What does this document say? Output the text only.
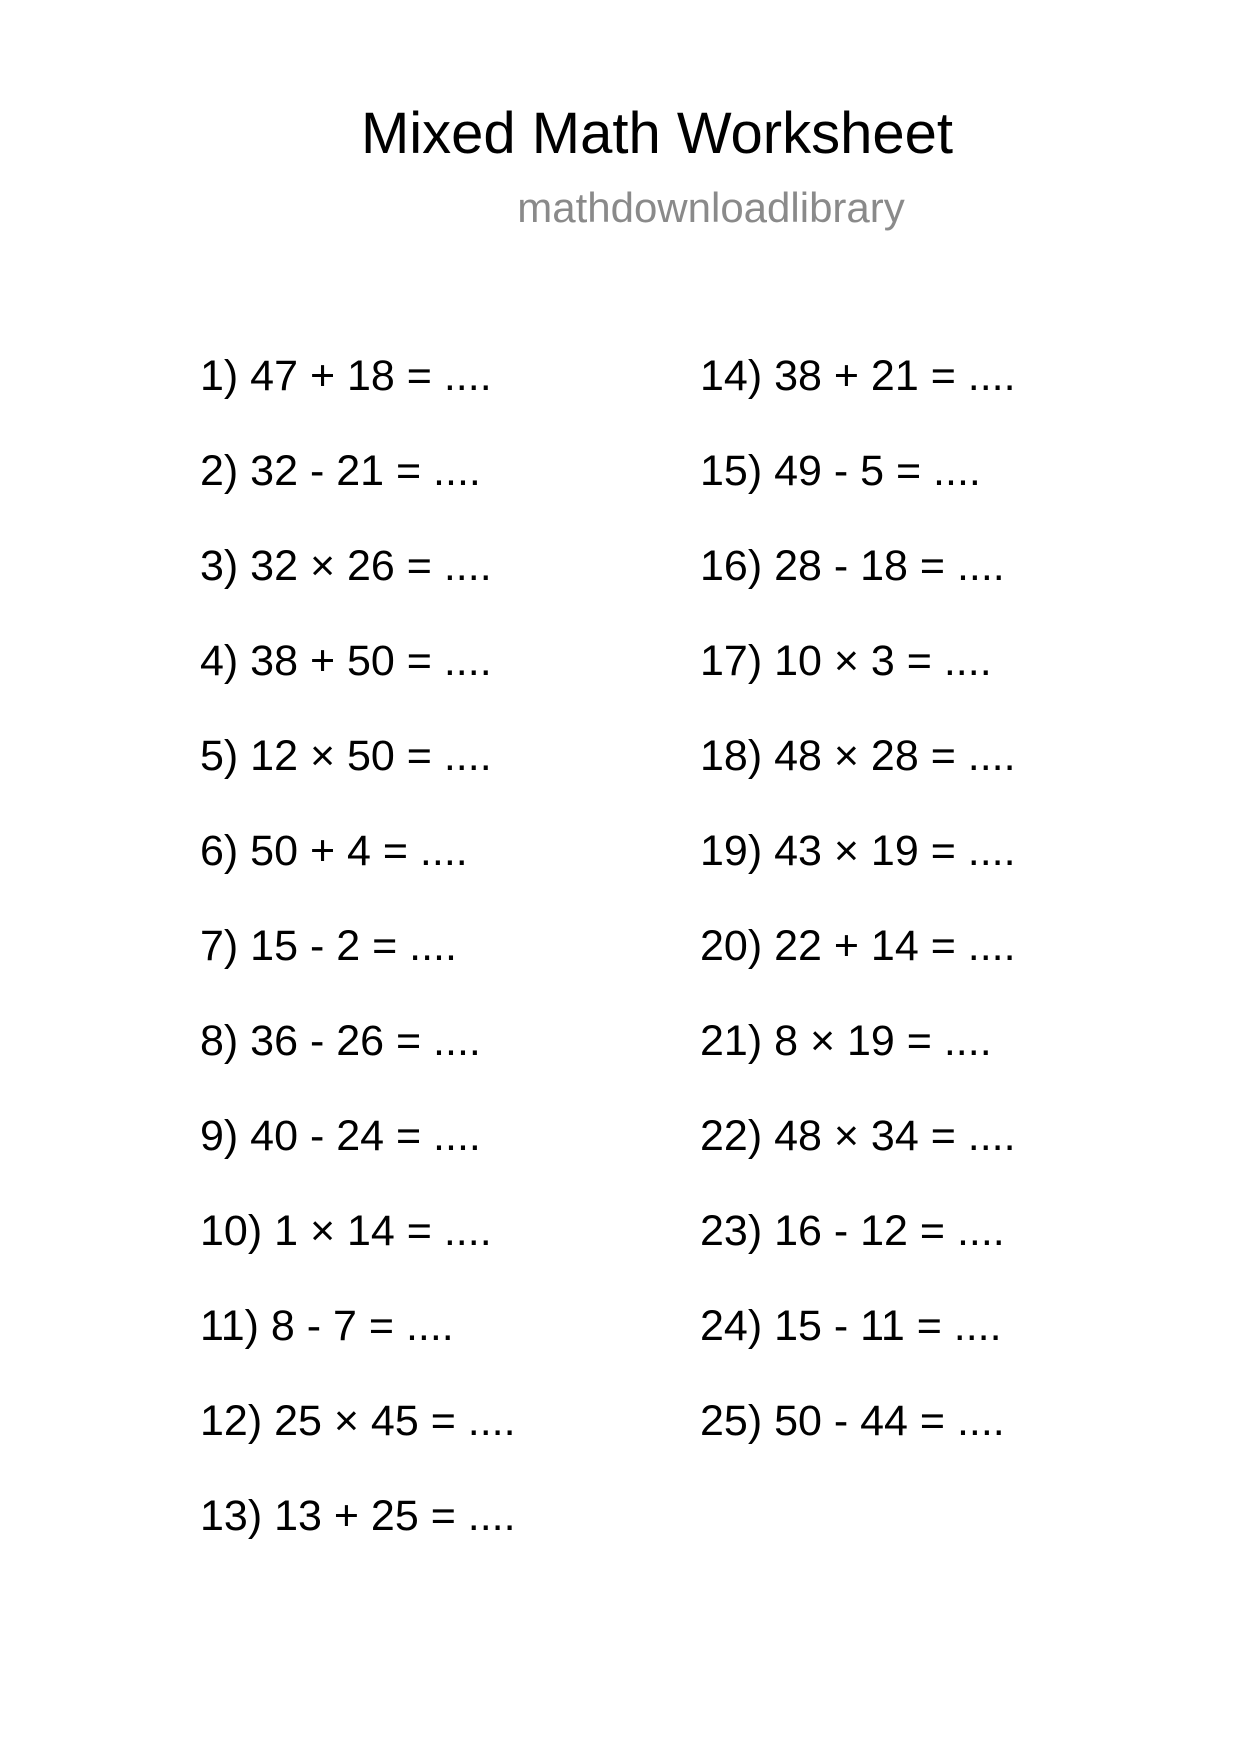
Mixed Math Worksheet
mathdownloadlibrary
1) 47 + 18 = ....
2) 32 - 21 = ....
3) 32 × 26 = ....
4) 38 + 50 = ....
5) 12 × 50 = ....
6) 50 + 4 = ....
7) 15 - 2 = ....
8) 36 - 26 = ....
9) 40 - 24 = ....
10) 1 × 14 = ....
11) 8 - 7 = ....
12) 25 × 45 = ....
13) 13 + 25 = ....
14) 38 + 21 = ....
15) 49 - 5 = ....
16) 28 - 18 = ....
17) 10 × 3 = ....
18) 48 × 28 = ....
19) 43 × 19 = ....
20) 22 + 14 = ....
21) 8 × 19 = ....
22) 48 × 34 = ....
23) 16 - 12 = ....
24) 15 - 11 = ....
25) 50 - 44 = ....
